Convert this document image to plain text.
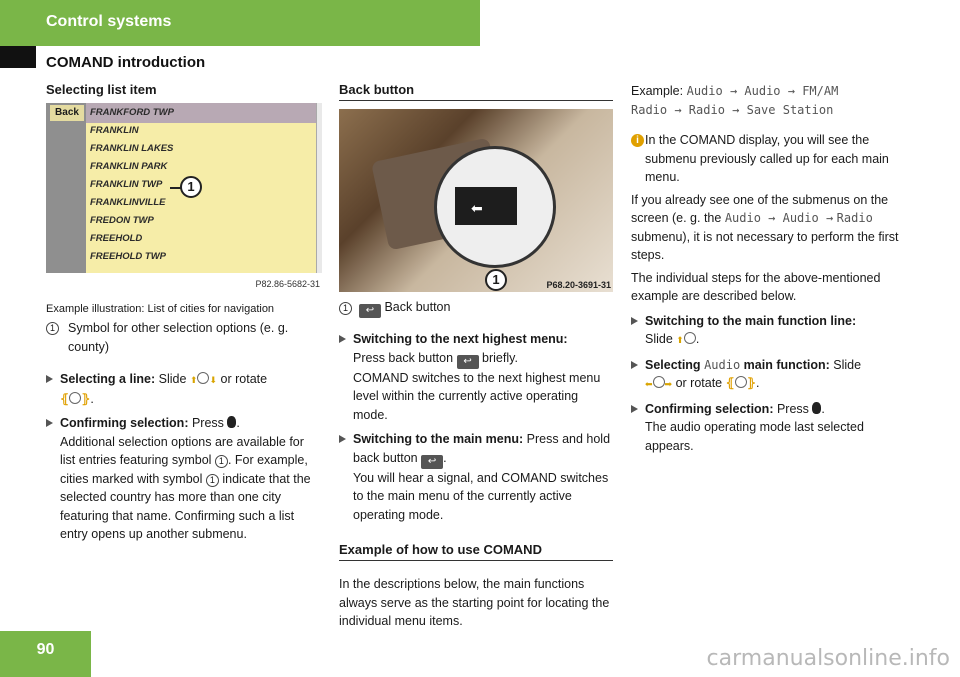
Control systems
COMAND introduction
Selecting list item
Back	FRANKFORD TWP
FRANKLIN
FRANKLIN LAKES
FRANKLIN PARK
FRANKLIN TWP
FRANKLINVILLE
FREDON TWP
FREEHOLD
FREEHOLD TWP
1
P82.86-5682-31
Example illustration: List of cities for navigation

1	Symbol for other selection options (e. g. county)

Selecting a line: Slide ⬆ ⬇ or rotate
⦃ ⦄.
Confirming selection: Press .
Additional selection options are available for list entries featuring symbol 1 . For example, cities marked with symbol 1 indicate that the selected country has more than one city featuring that name. Confirming such a list entry opens up another submenu.
Back button
⬅
1	P68.20-3691-31

1 ↩ Back button

Switching to the next highest menu:
Press back button ↩ briefly.
COMAND switches to the next highest menu level within the currently active operating mode.
Switching to the main menu: Press and hold back button ↩ .
You will hear a signal, and COMAND switches to the main menu of the currently active operating mode.
Example of how to use COMAND

In the descriptions below, the main functions always serve as the starting point for locating the individual menu items.

Example: Audio → Audio → FM/AM
Radio → Radio → Save Station

i In the COMAND display, you will see the submenu previously called up for each main menu.

If you already see one of the submenus on the screen (e. g. the Audio → Audio → Radio submenu), it is not necessary to perform the first steps.

The individual steps for the above-mentioned example are described below.

Switching to the main function line:
Slide ⬆ .
Selecting Audio main function: Slide
⬅ ➡ or rotate ⦃ ⦄.
Confirming selection: Press .
The audio operating mode last selected appears.
90	carmanualsonline.info
